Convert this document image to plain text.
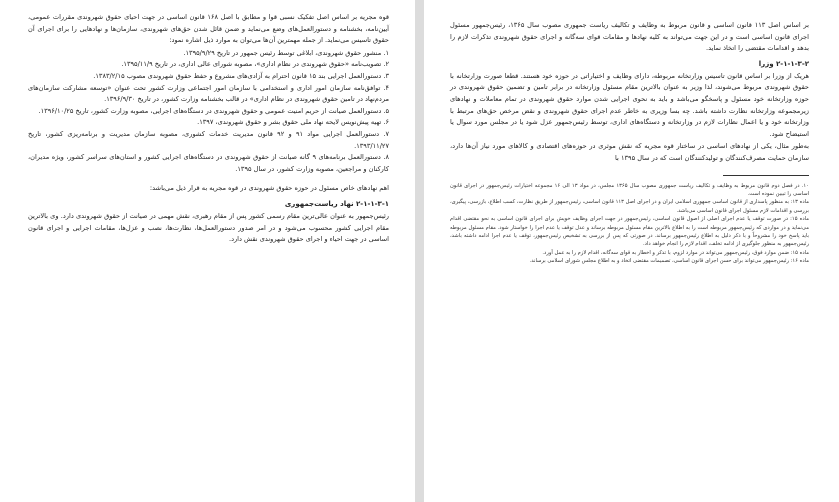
قوه مجریه بر اساس اصل تفکیک نسبی قوا و مطابق با اصل ۱۶۸ قانون اساسی در جهت احیای حقوق شهروندی مقررات عمومی، آیین‌نامه، بخشنامه و دستورالعمل‌های وضع می‌نماید و ضمن قائل شدن حق‌های شهروندی، سازمان‌ها و نهادهایی را برای اجرای آن حقوق تاسیس می‌نماید. از جمله مهمترین آن‌ها می‌توان به موارد ذیل اشاره نمود:

۱. منشور حقوق شهروندی، ابلاغی توسط رئیس جمهور در تاریخ ۱۳۹۵/۹/۲۹.

۲. تصویب‌نامه «حقوق شهروندی در نظام اداری»، مصوبه شورای عالی اداری، در تاریخ ۱۳۹۵/۱۱/۹.

۳. دستورالعمل اجرایی بند ۱۵ قانون احترام به آزادی‌های مشروع و حفظ حقوق شهروندی مصوب ۱۳۸۳/۲/۱۵.

۴. توافق‌نامه سازمان امور اداری و استخدامی با سازمان امور اجتماعی وزارت کشور تحت عنوان «توسعه مشارکت سازمان‌های مردم‌نهاد در تامین حقوق شهروندی در نظام اداری» در قالب بخشنامه وزارت کشور، در تاریخ ۱۳۹۶/۹/۳۰.

۵. دستورالعمل صیانت از حریم امنیت عمومی و حقوق شهروندی در دستگاه‌های اجرایی، مصوبه وزارت کشور، تاریخ ۱۳۹۶/۱۰/۲۵.

۶. تهیه پیش‌نویس لایحه نهاد ملی حقوق بشر و حقوق شهروندی، ۱۳۹۷.

۷. دستورالعمل اجرایی مواد ۹۱ و ۹۲ قانون مدیریت خدمات کشوری، مصوبه سازمان مدیریت و برنامه‌ریزی کشور، تاریخ ۱۳۹۳/۱۱/۲۷.

۸. دستورالعمل برنامه‌های ۹ گانه صیانت از حقوق شهروندی در دستگاه‌های اجرایی کشور و استان‌های سراسر کشور، ویژه مدیران، کارکنان و مراجعین، مصوبه وزارت کشور، در سال ۱۳۹۵.

اهم نهادهای خاص مسئول در حوزه حقوق شهروندی در قوه مجریه به قرار ذیل می‌باشد:

۲-۱-۱-۳-۱ نهاد ریاست‌جمهوری

رئیس‌جمهور به عنوان عالی‌ترین مقام رسمی کشور پس از مقام رهبری، نقش مهمی در صیانت از حقوق شهروندی دارد. وی بالاترین مقام اجرایی کشور محسوب می‌شود و در امر صدور دستورالعمل‌ها، نظارت‌ها، نصب و عزل‌ها، مقامات اجرایی و اجرای قانون اساسی در جهت احیاء و اجرای حقوق شهروندی نقش دارد.

بر اساس اصل ۱۱۳ قانون اساسی و قانون مربوط به وظایف و تکالیف ریاست جمهوری مصوب سال ۱۳۶۵، رئیس‌جمهور مسئول اجرای قانون اساسی است و در این جهت می‌تواند به کلیه نهادها و مقامات قوای سه‌گانه و اجرای حقوق شهروندی تذکرات لازم را بدهد و اقدامات مقتضی را اتخاذ نماید.

۲-۱-۱-۳-۲ وزرا

هریک از وزرا بر اساس قانون تاسیس وزارتخانه مربوطه، دارای وظایف و اختیاراتی در حوزه خود هستند. قطعا صورت وزارتخانه با حقوق شهروندی مربوط می‌شوند، لذا وزیر به عنوان بالاترین مقام مسئول وزارتخانه در برابر تامین و تضمین حقوق شهروندی در حوزه وزارتخانه خود مسئول و پاسخگو می‌باشد و باید به نحوی اجرایی شدن موارد حقوق شهروندی در تمام معاملات و نهادهای زیرمجموعه وزارتخانه نظارت داشته باشد. چه بسا وزیری به خاطر عدم اجرای حقوق شهروندی و نقض مرخص حق‌های مرتبط با وزارتخانه خود و یا اعمال نظارات لازم در وزارتخانه و دستگاه‌های اداری، توسط رئیس‌جمهور عزل شود یا در مجلس مورد سوال یا استیضاح شود.

به‌طور مثال، یکی از نهادهای اساسی در ساختار قوه مجریه که نقش موثری در حوزه‌های اقتصادی و کالاهای مورد نیاز آن‌ها دارد، سازمان حمایت مصرف‌کنندگان و تولیدکنندگان است که در سال ۱۳۹۵ با

۱۰. در فصل دوم قانون مربوط به وظایف و تکالیف ریاست جمهوری مصوب سال ۱۳۶۵ مجلس، در مواد ۱۳ الی ۱۶ مجموعه اختیارات رئیس‌جمهور در اجرای قانون اساسی را تبیین نموده است.

ماده ۱۳: به منظور پاسداری از قانون اساسی جمهوری اسلامی ایران و در اجرای اصل ۱۱۳ قانون اساسی، رئیس‌جمهور از طریق نظارت، کسب اطلاع، بازرسی، پیگیری، بررسی و اقدامات لازم مسئول اجرای قانون اساسی می‌باشد.

ماده ۱۵: در صورت توقف یا عدم اجرای اصلی از اصول قانون اساسی، رئیس‌جمهور در جهت اجرای وظایف خویش برای اجرای قانون اساسی به نحو مقتضی اقدام می‌نماید و در مواردی که رئیس‌جمهور مربوطه است را به اطلاع بالاترین مقام مسئول مربوطه برساند و عدل توقف یا عدم اجرا را خواستار شود. مقام مسئول مربوطه باید پاسخ خود را مشروحاً و با ذکر دلیل به اطلاع رئیس‌جمهور برساند. در صورتی که پس از بررسی به تشخیص رئیس‌جمهور، توقف یا عدم اجرا ادامه داشته باشد، رئیس‌جمهور به منظور جلوگیری از ادامه تخلف، اقدام لازم را انجام خواهد داد.

ماده ۱۵: ضمن موارد فوق، رئیس‌جمهور می‌تواند در موارد لزوم، با تذکر و اخطار به قوای سه‌گانه، اقدام لازم را به عمل آورد.

ماده ۱۶: رئیس‌جمهور می‌تواند برای حسن اجرای قانون اساسی، تصمیمات مقتضی اتخاذ و به اطلاع مجلس شورای اسلامی برساند.
